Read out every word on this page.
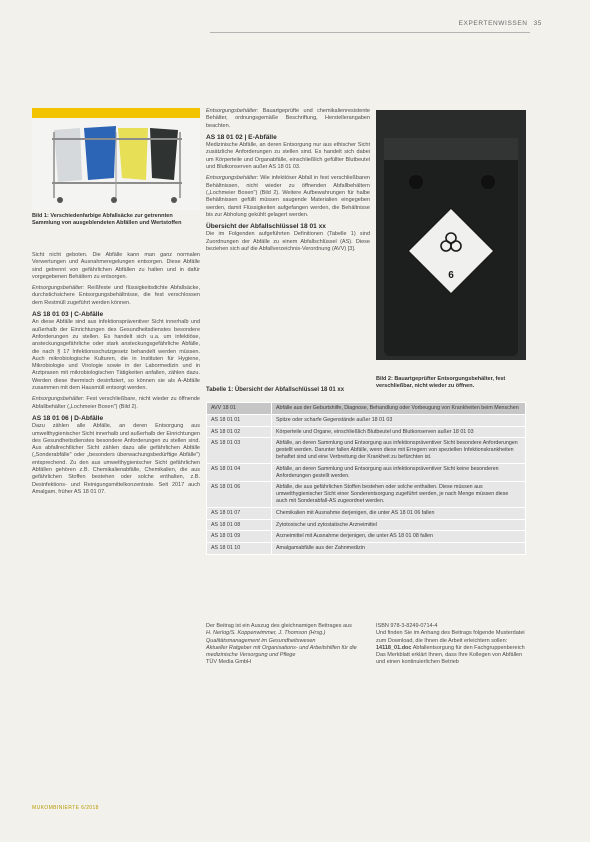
EXPERTENWISSEN 35
Bild 1: Verschiedenfarbige Abfallsäcke zur getrennten Sammlung von ausgeblendeten Abfällen und Wertstoffen

Sicht nicht geboten. Die Abfälle kann man ganz normalen Verwertungen und Ausnahmeregelungen entsorgen. Diese Abfälle sind getrennt von gefährlichen Abfällen zu halten und in dafür vorgegebenen Behältern zu entsorgen.

Entsorgungsbehälter: Reißfeste und flüssigkeitsdichte Abfallsäcke, durchstichsichere Entsorgungsbehältnisse, die fest verschlossen dem Restmüll zugeführt werden können.

AS 18 01 03 | C-Abfälle

An diese Abfälle sind aus infektionspräventiver Sicht innerhalb und außerhalb der Einrichtungen des Gesundheitsdienstes besondere Anforderungen zu stellen. Es handelt sich u.a. um infektiöse, ansteckungsgefährliche oder stark ansteckungsgefährliche Abfälle, die nach § 17 Infektionsschutzgesetz behandelt werden müssen. Auch mikrobiologische Kulturen, die in Instituten für Hygiene, Mikrobiologie und Virologie sowie in der Labormedizin und in Arztpraxen mit mikrobiologischen Tätigkeiten anfallen, zählen dazu. Werden diese thermisch desinfiziert, so können sie als A-Abfälle zusammen mit dem Hausmüll entsorgt werden.

Entsorgungsbehälter: Fest verschließbare, nicht wieder zu öffnende Abfallbehälter („Lochmeier Boxen") (Bild 2).

AS 18 01 06 | D-Abfälle

Dazu zählen alle Abfälle, an deren Entsorgung aus umwelthygienischer Sicht innerhalb und außerhalb der Einrichtungen des Gesundheitsdienstes besondere Anforderungen zu stellen sind. Aus abfallrechtlicher Sicht zählen dazu alle gefährlichen Abfälle („Sonderabfälle" oder „besonders überwachungsbedürftige Abfälle") entsprechend. Zu den aus umwelthygienischer Sicht gefährlichen Abfällen gehören z.B. Chemikalienabfälle, Chemikalien, die aus gefährlichen Stoffen bestehen oder solche enthalten, z.B. Desinfektions- und Reinigungsmittelkonzentrate. Seit 2017 auch Amalgam, früher AS 18 01 07.

Entsorgungsbehälter: Bauartgeprüfte und chemikalienresistente Behälter, ordnungsgemäße Beschriftung, Herstellerangaben beachten.

AS 18 01 02 | E-Abfälle

Medizinische Abfälle, an deren Entsorgung nur aus ethischer Sicht zusätzliche Anforderungen zu stellen sind. Es handelt sich dabei um Körperteile und Organabfälle, einschließlich gefüllter Blutbeutel und Blutkonserven außer AS 18 01 03.

Entsorgungsbehälter: Wie infektiöser Abfall in fest verschließbaren Behältnissen, nicht wieder zu öffnenden Abfallbehältern („Lochmeier Boxen") (Bild 2). Weitere Aufbewahrungen für halbe Behältnissen gefüllt müssen saugende Materialien eingegeben werden, damit Flüssigkeiten aufgefangen werden, die Behältnisse bis zur Abholung gekühlt gelagert werden.

Übersicht der Abfallschlüssel 18 01 xx

Die im Folgenden aufgeführten Definitionen (Tabelle 1) sind Zuordnungen der Abfälle zu einem Abfallschlüssel (AS). Diese beziehen sich auf die Abfallverzeichnis-Verordnung (AVV) [3].

6
Bild 2: Bauartgeprüfter Entsorgungsbehälter, fest verschließbar, nicht wieder zu öffnen.
Tabelle 1: Übersicht der Abfallschlüssel 18 01 xx
AVV 18 01	Abfälle aus der Geburtshilfe, Diagnose, Behandlung oder Vorbeugung von Krankheiten beim Menschen
AS 18 01 01	Spitze oder scharfe Gegenstände außer 18 01 03
AS 18 01 02	Körperteile und Organe, einschließlich Blutbeutel und Blutkonserven außer 18 01 03
AS 18 01 03	Abfälle, an deren Sammlung und Entsorgung aus infektionspräventiver Sicht besondere Anforderungen gestellt werden. Darunter fallen Abfälle, wenn diese mit Erregern von speziellen Infektionskrankheiten behaftet sind und eine Verbreitung der Krankheit zu befürchten ist.
AS 18 01 04	Abfälle, an deren Sammlung und Entsorgung aus infektionspräventiver Sicht keine besonderen Anforderungen gestellt werden.
AS 18 01 06	Abfälle, die aus gefährlichen Stoffen bestehen oder solche enthalten. Diese müssen aus umwelthygienischer Sicht einer Sonderentsorgung zugeführt werden, je nach Menge müssen diese auch mit Sonderabfall-AS zugeordnet werden.
AS 18 01 07	Chemikalien mit Ausnahme derjenigen, die unter AS 18 01 06 fallen
AS 18 01 08	Zytotoxische und zytostatische Arzneimittel
AS 18 01 09	Arzneimittel mit Ausnahme derjenigen, die unter AS 18 01 08 fallen
AS 18 01 10	Amalgamabfälle aus der Zahnmedizin
Der Beitrag ist ein Auszug des gleichnamigen Beitrages aus
H. Nerlog/S. Koppenwimmer, J. Thomson (Hrsg.) Qualitätsmanagement im Gesundheitswesen
Aktueller Ratgeber mit Organisations- und Arbeitshilfen für die medizinische Versorgung und Pflege
TÜV Media GmbH
ISBN 978-3-8249-0714-4
Und finden Sie im Anhang des Beitrags folgende Musterdatei zum Download, die Ihnen die Arbeit erleichtern sollen:
14118_01.doc Abfallentsorgung für den Fachgruppenbereich
Das Merkblatt erklärt Ihnen, dass Ihre Kollegen von Abfällen und einen kontinuierlichen Betrieb
MUKOMBINIERTE 6/2018
